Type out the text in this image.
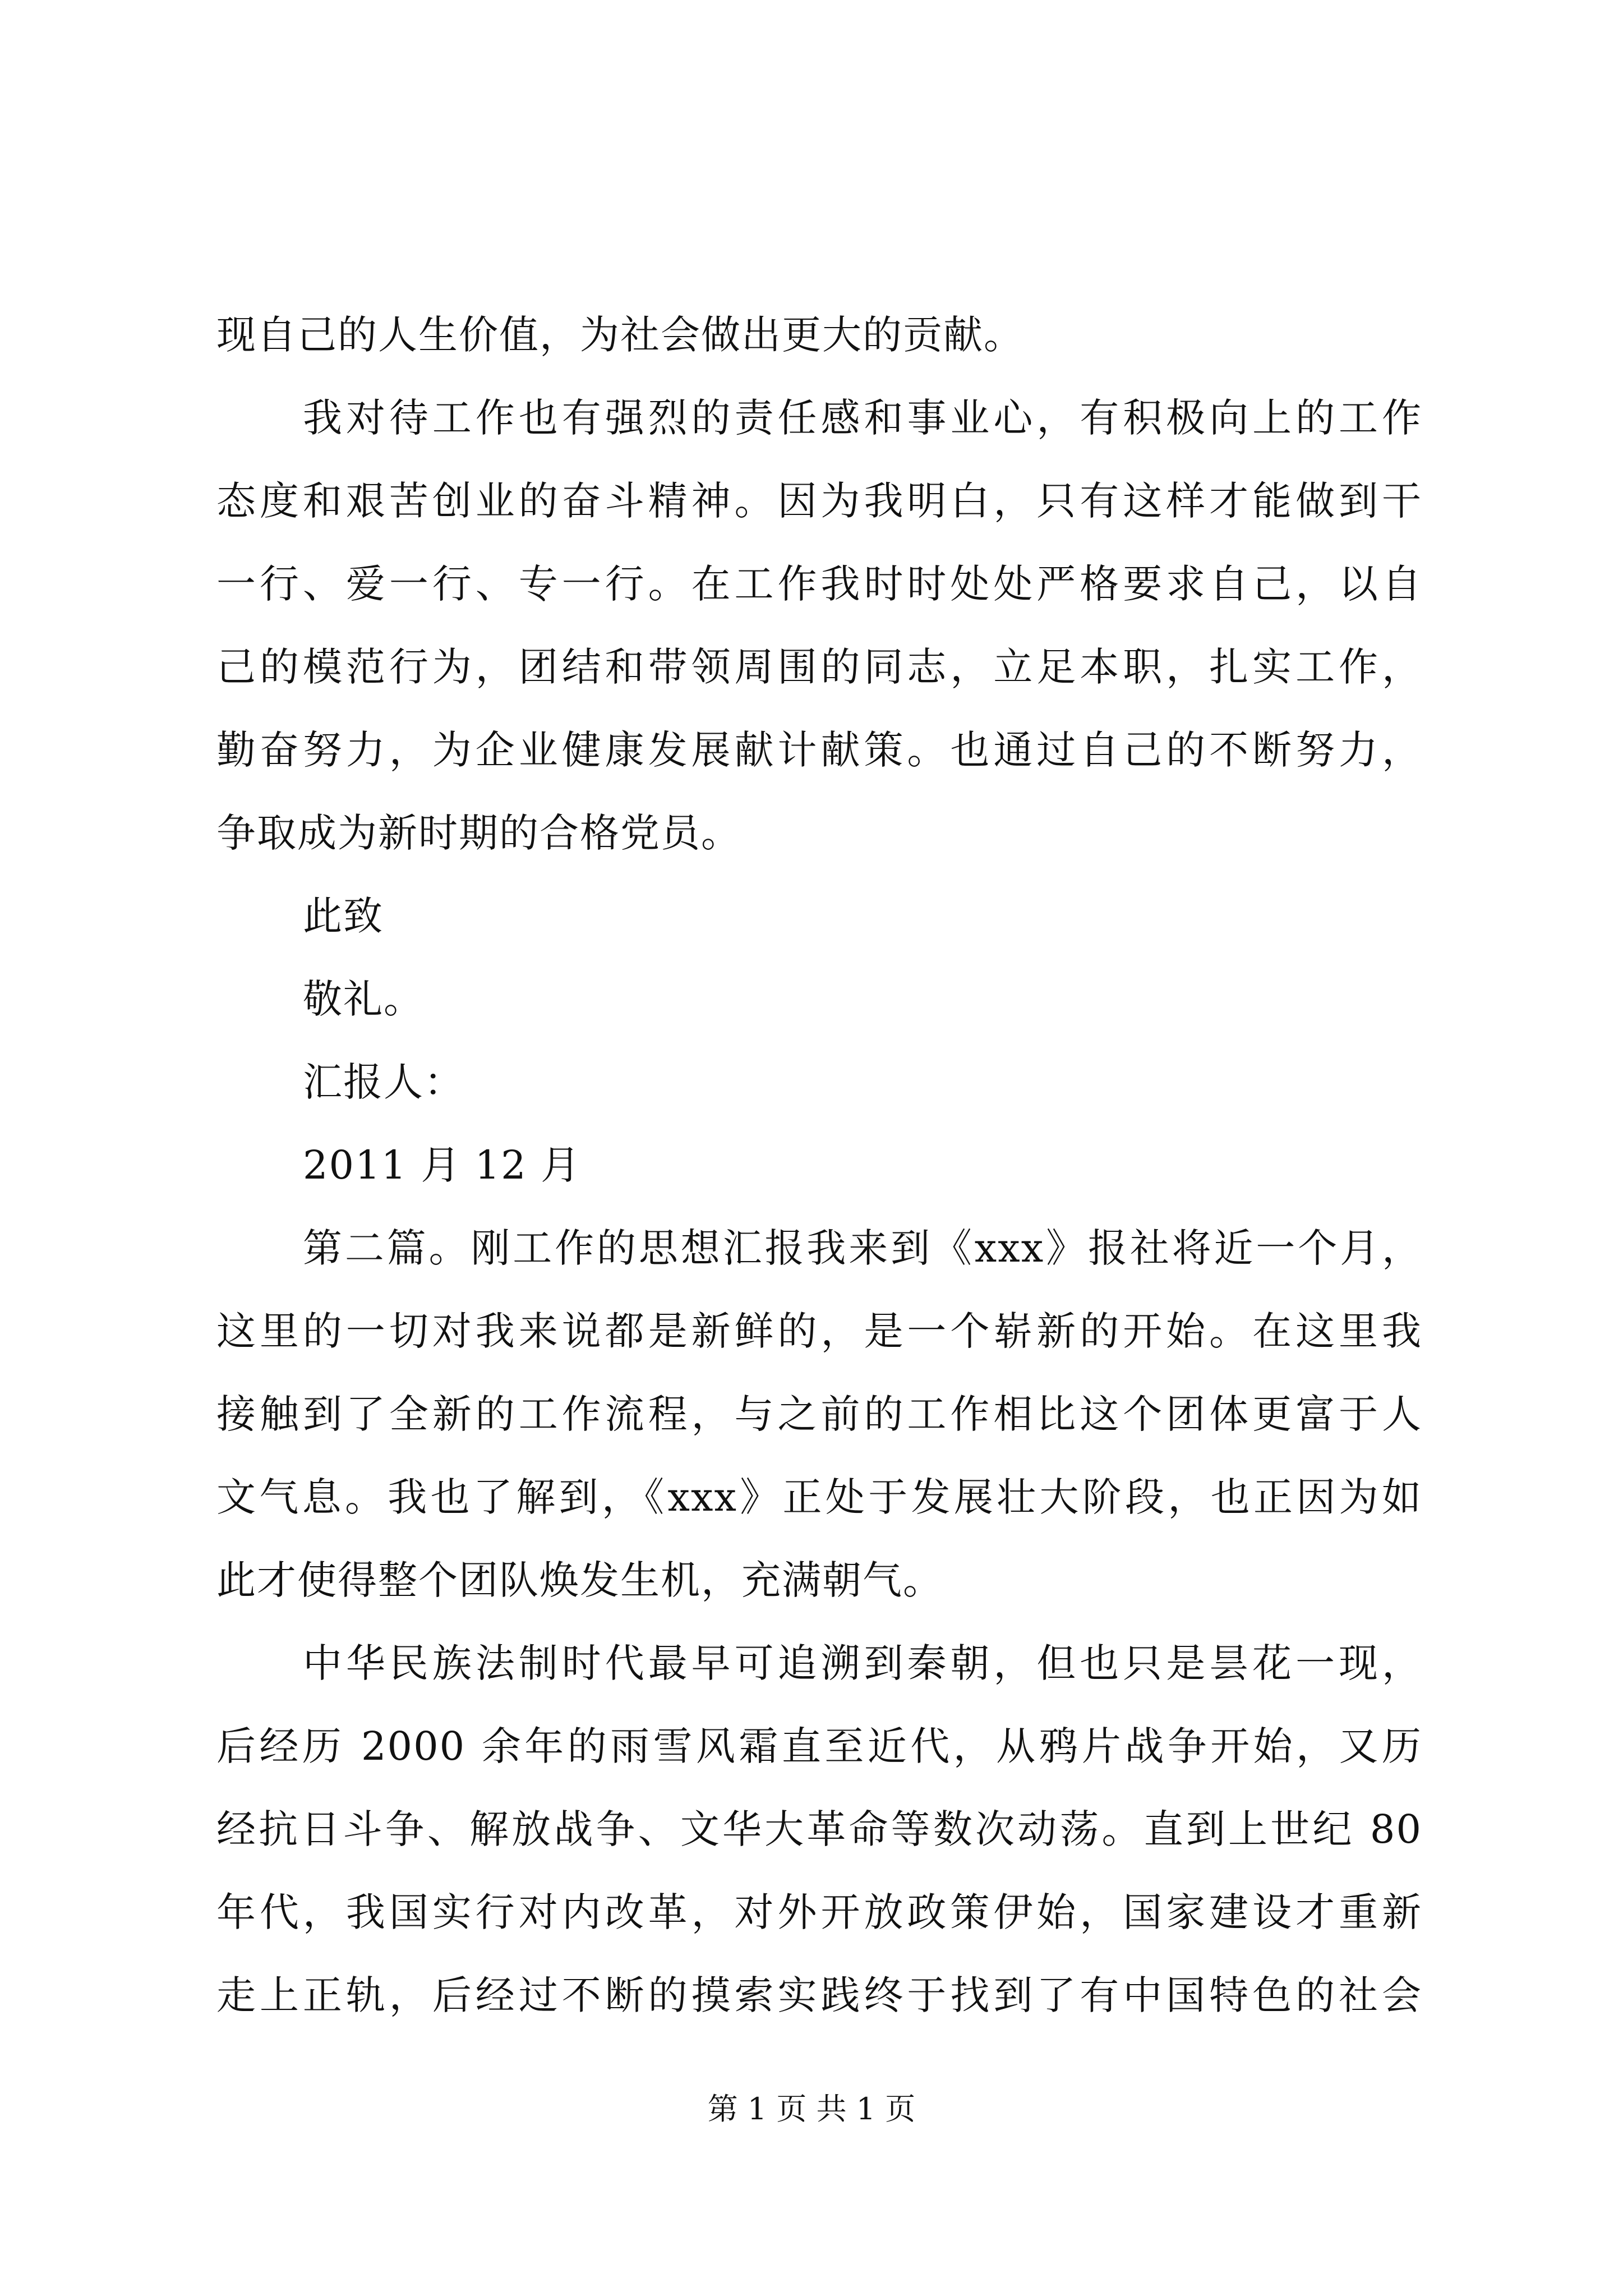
现自己的人生价值，为社会做出更大的贡献。
我对待工作也有强烈的责任感和事业心，有积极向上的工作
态度和艰苦创业的奋斗精神。因为我明白，只有这样才能做到干
一行、爱一行、专一行。在工作我时时处处严格要求自己，以自
己的模范行为，团结和带领周围的同志，立足本职，扎实工作，
勤奋努力，为企业健康发展献计献策。也通过自己的不断努力，
争取成为新时期的合格党员。
此致
敬礼。
汇报人：
2011 月 12 月
第二篇。刚工作的思想汇报我来到《xxx》报社将近一个月，
这里的一切对我来说都是新鲜的，是一个崭新的开始。在这里我
接触到了全新的工作流程，与之前的工作相比这个团体更富于人
文气息。我也了解到，《xxx》正处于发展壮大阶段，也正因为如
此才使得整个团队焕发生机，充满朝气。
中华民族法制时代最早可追溯到秦朝，但也只是昙花一现，
后经历 2000 余年的雨雪风霜直至近代，从鸦片战争开始，又历
经抗日斗争、解放战争、文华大革命等数次动荡。直到上世纪 80
年代，我国实行对内改革，对外开放政策伊始，国家建设才重新
走上正轨，后经过不断的摸索实践终于找到了有中国特色的社会
第 1 页 共 1 页
